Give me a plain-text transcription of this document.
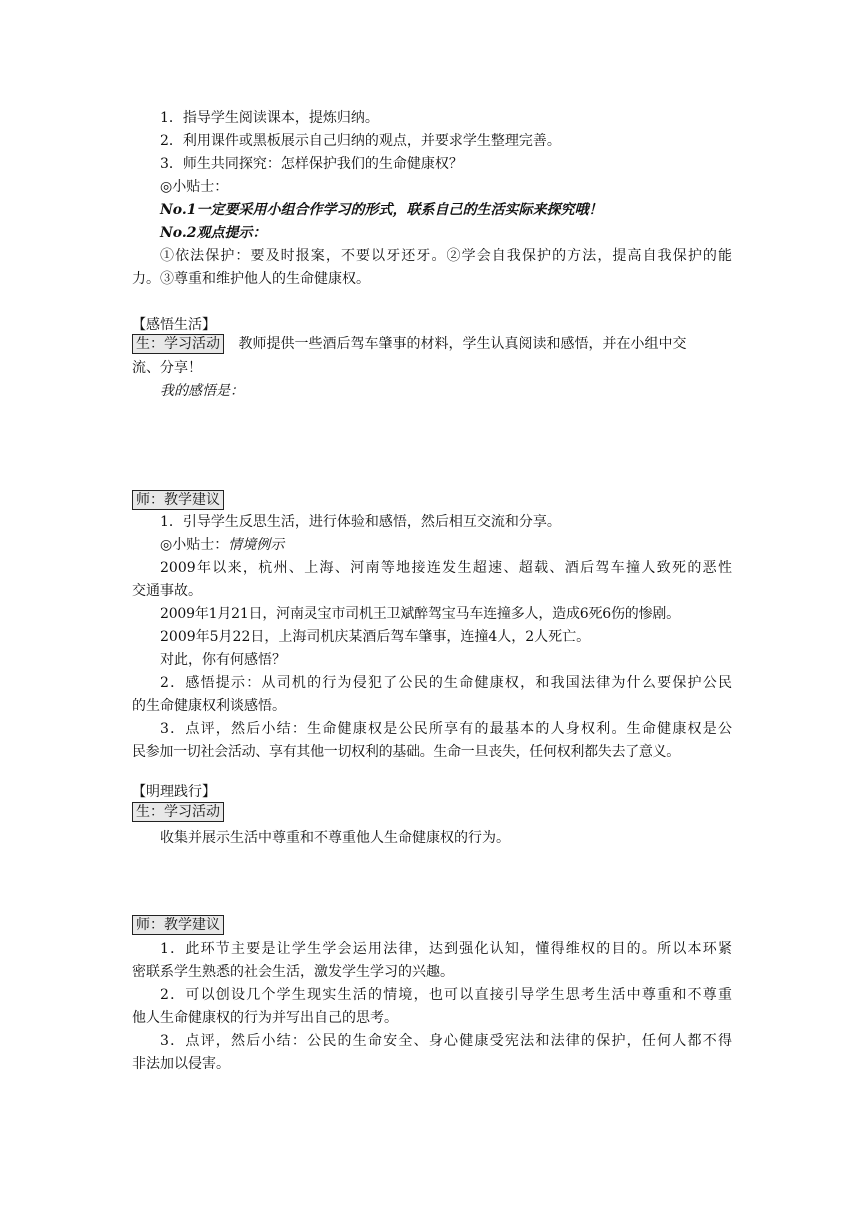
1．指导学生阅读课本，提炼归纳。
2．利用课件或黑板展示自己归纳的观点，并要求学生整理完善。
3．师生共同探究：怎样保护我们的生命健康权？
◎小贴士：
No.1一定要采用小组合作学习的形式，联系自己的生活实际来探究哦！
No.2观点提示：
①依法保护：要及时报案，不要以牙还牙。②学会自我保护的方法，提高自我保护的能
力。③尊重和维护他人的生命健康权。
【感悟生活】
生：学习活动 教师提供一些酒后驾车肇事的材料，学生认真阅读和感悟，并在小组中交
流、分享！
我的感悟是：
师：教学建议
1．引导学生反思生活，进行体验和感悟，然后相互交流和分享。
◎小贴士：情境例示
2009年以来，杭州、上海、河南等地接连发生超速、超载、酒后驾车撞人致死的恶性
交通事故。
2009年1月21日，河南灵宝市司机王卫斌醉驾宝马车连撞多人，造成6死6伤的惨剧。
2009年5月22日，上海司机庆某酒后驾车肇事，连撞4人，2人死亡。
对此，你有何感悟？
2．感悟提示：从司机的行为侵犯了公民的生命健康权，和我国法律为什么要保护公民
的生命健康权利谈感悟。
3．点评，然后小结：生命健康权是公民所享有的最基本的人身权利。生命健康权是公
民参加一切社会活动、享有其他一切权利的基础。生命一旦丧失，任何权利都失去了意义。
【明理践行】
生：学习活动
收集并展示生活中尊重和不尊重他人生命健康权的行为。
师：教学建议
1．此环节主要是让学生学会运用法律，达到强化认知，懂得维权的目的。所以本环紧
密联系学生熟悉的社会生活，激发学生学习的兴趣。
2．可以创设几个学生现实生活的情境，也可以直接引导学生思考生活中尊重和不尊重
他人生命健康权的行为并写出自己的思考。
3．点评，然后小结：公民的生命安全、身心健康受宪法和法律的保护，任何人都不得
非法加以侵害。
